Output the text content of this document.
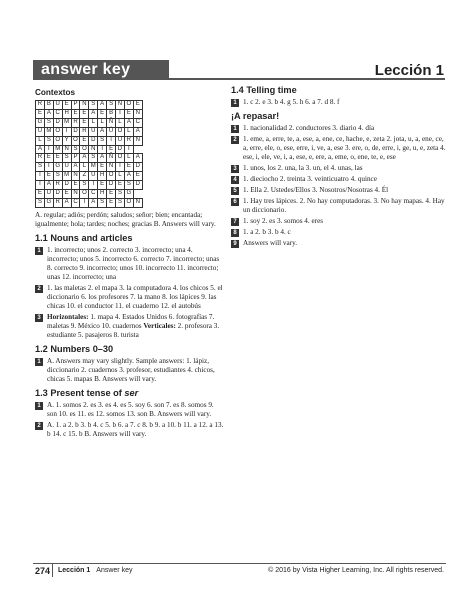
answer key	Lección 1
Contextos
R	B	U	E	P	N	S	A	S	N	O	E
E	A	C	H	E	E	A	E	B	I	E	N
G	S	D	M	R	E	L	L	Ñ	L	A	C
U	M	O	I	D	R	U	A	Ú	O	L	A
L	S	O	Y	O	E	D	S	T	U	R	N
A	I	M	N	S	O	N	T	E	D	T	
R	E	E	S	P	A	S	A	Ñ	O	L	A
S	I	G	U	A	L	M	E	N	T	E	D
T	E	S	M	N	Z	U	H	O	L	A	E
T	A	R	D	E	S	T	E	D	E	S	D
E	U	D	E	N	O	C	H	E	S	G	
S	G	R	A	C	I	A	S	E	S	O	N
A. regular; adiós; perdón; saludos; señor; bien; encantada; igualmente; hola; tardes; noches; gracias B. Answers will vary.
1.1 Nouns and articles
1 1. incorrecto; unos 2. correcto 3. incorrecto; una 4. incorrecto; unos 5. incorrecto 6. correcto 7. incorrecto; unas 8. correcto 9. incorrecto; unos 10. incorrecto 11. incorrecto; unas 12. incorrecto; una
2 1. las maletas 2. el mapa 3. la computadora 4. los chicos 5. el diccionario 6. los profesores 7. la mano 8. los lápices 9. las chicas 10. el conductor 11. el cuaderno 12. el autobús
3 Horizontales: 1. mapa 4. Estados Unidos 6. fotografías 7. maletas 9. México 10. cuadernos Verticales: 2. profesora 3. estudiante 5. pasajeros 8. turista
1.2 Numbers 0–30
1 A. Answers may vary slightly. Sample answers: 1. lápiz, diccionario 2. cuadernos 3. profesor, estudiantes 4. chicos, chicas 5. mapas B. Answers will vary.
1.3 Present tense of ser
1 A. 1. somos 2. es 3. es 4. es 5. soy 6. son 7. es 8. somos 9. son 10. es 11. es 12. somos 13. son B. Answers will vary.
2 A. 1. a 2. b 3. b 4. c 5. b 6. a 7. c 8. b 9. a 10. b 11. a 12. a 13. b 14. c 15. b B. Answers will vary.
1.4 Telling time
1 1. c 2. e 3. b 4. g 5. h 6. a 7. d 8. f
¡A repasar!
1 1. nacionalidad 2. conductores 3. diario 4. día
2 1. eme, a, erre, te, a, ese, a, ene, ce, hache, e, zeta 2. jota, u, a, ene, ce, a, erre, ele, o, ese, erre, i, ve, a, ese 3. ere, o, de, erre, i, ge, u, e, zeta 4. ese, i, ele, ve, i, a, ese, e, ere, a, eme, o, ene, te, e, ese
3 1. unos, los 2. una, la 3. un, el 4. unas, las
4 1. dieciocho 2. treinta 3. veinticuatro 4. quince
5 1. Ella 2. Ustedes/Ellos 3. Nosotros/Nosotras 4. Él
6 1. Hay tres lápices. 2. No hay computadoras. 3. No hay mapas. 4. Hay un diccionario.
7 1. soy 2. es 3. somos 4. eres
8 1. a 2. b 3. b 4. c
9 Answers will vary.
274 Lección 1 Answer key	© 2016 by Vista Higher Learning, Inc. All rights reserved.
